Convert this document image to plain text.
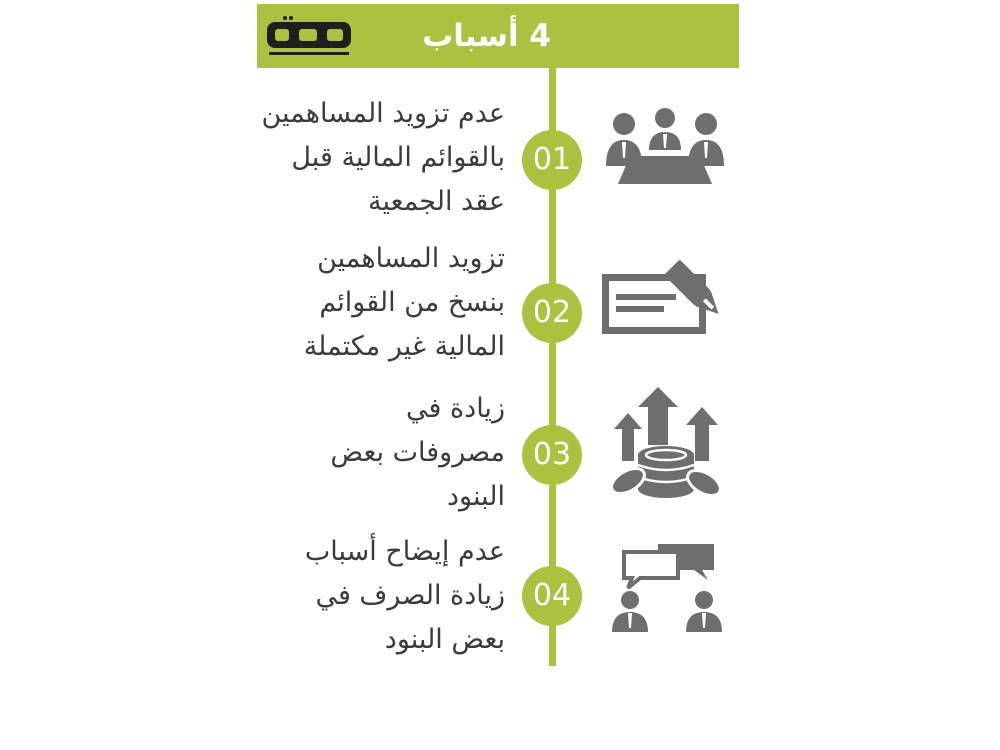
4 أسباب
عدم تزويد المساهمين
بالقوائم المالية قبل
عقد الجمعية
01
تزويد المساهمين
بنسخ من القوائم
المالية غير مكتملة
02
زيادة في
مصروفات بعض
البنود
03
عدم إيضاح أسباب
زيادة الصرف في
بعض البنود
04
